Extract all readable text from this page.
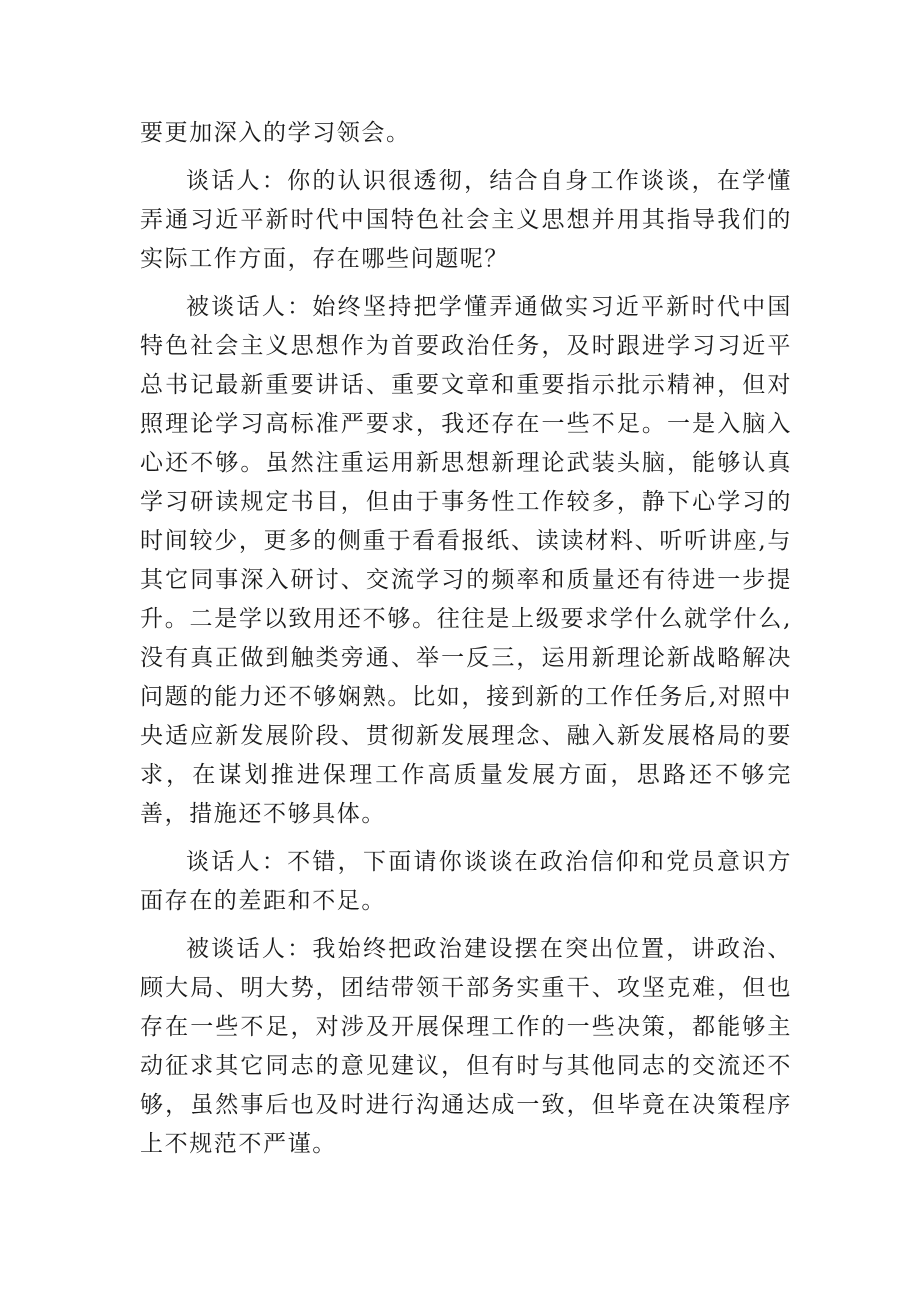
要更加深入的学习领会。

谈话人：你的认识很透彻，结合自身工作谈谈，在学懂弄通习近平新时代中国特色社会主义思想并用其指导我们的实际工作方面，存在哪些问题呢？

被谈话人：始终坚持把学懂弄通做实习近平新时代中国特色社会主义思想作为首要政治任务，及时跟进学习习近平总书记最新重要讲话、重要文章和重要指示批示精神，但对照理论学习高标准严要求，我还存在一些不足。一是入脑入心还不够。虽然注重运用新思想新理论武装头脑，能够认真学习研读规定书目，但由于事务性工作较多，静下心学习的时间较少，更多的侧重于看看报纸、读读材料、听听讲座,与其它同事深入研讨、交流学习的频率和质量还有待进一步提升。二是学以致用还不够。往往是上级要求学什么就学什么,没有真正做到触类旁通、举一反三，运用新理论新战略解决问题的能力还不够娴熟。比如，接到新的工作任务后,对照中央适应新发展阶段、贯彻新发展理念、融入新发展格局的要求，在谋划推进保理工作高质量发展方面，思路还不够完善，措施还不够具体。

谈话人：不错，下面请你谈谈在政治信仰和党员意识方面存在的差距和不足。

被谈话人：我始终把政治建设摆在突出位置，讲政治、顾大局、明大势，团结带领干部务实重干、攻坚克难，但也存在一些不足，对涉及开展保理工作的一些决策，都能够主动征求其它同志的意见建议，但有时与其他同志的交流还不够，虽然事后也及时进行沟通达成一致，但毕竟在决策程序上不规范不严谨。
